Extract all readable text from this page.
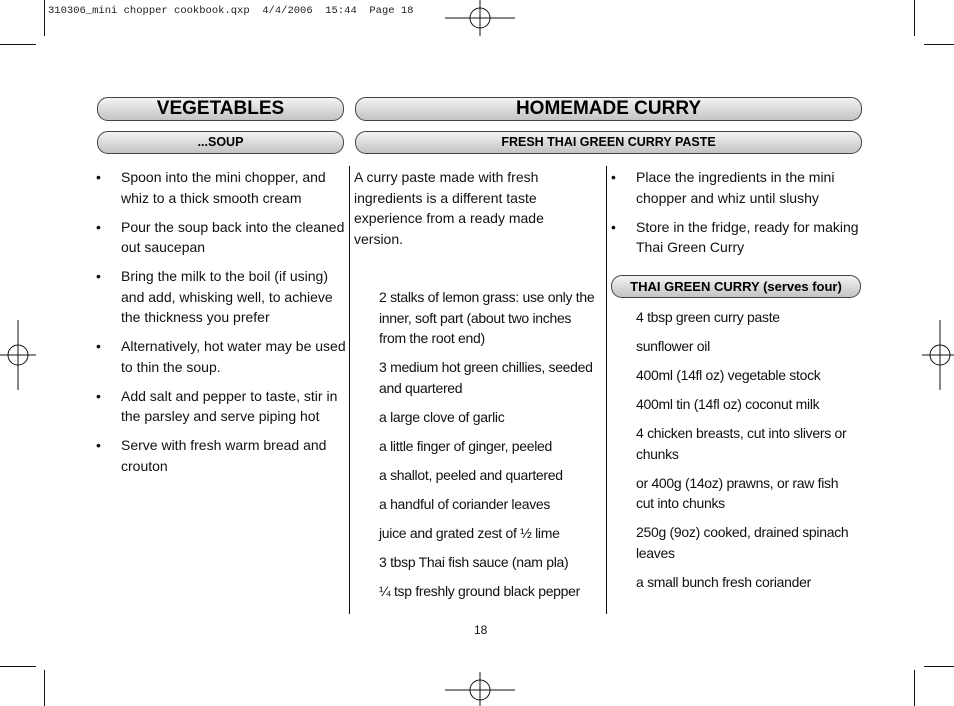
310306_mini chopper cookbook.qxp  4/4/2006  15:44  Page 18
VEGETABLES	HOMEMADE CURRY
...SOUP	FRESH THAI GREEN CURRY PASTE
• Spoon into the mini chopper, and whiz to a thick smooth cream
• Pour the soup back into the cleaned out saucepan
• Bring the milk to the boil (if using) and add, whisking well, to achieve the thickness you prefer
• Alternatively, hot water may be used to thin the soup.
• Add salt and pepper to taste, stir in the parsley and serve piping hot
• Serve with fresh warm bread and crouton
A curry paste made with fresh ingredients is a different taste experience from a ready made version.
2 stalks of lemon grass: use only the inner, soft part (about two inches from the root end)
3 medium hot green chillies, seeded and quartered
a large clove of garlic
a little finger of ginger, peeled
a shallot, peeled and quartered
a handful of coriander leaves
juice and grated zest of ½ lime
3 tbsp Thai fish sauce (nam pla)
¼ tsp freshly ground black pepper
• Place the ingredients in the mini chopper and whiz until slushy
• Store in the fridge, ready for making Thai Green Curry
THAI GREEN CURRY (serves four)
4 tbsp green curry paste
sunflower oil
400ml (14fl oz) vegetable stock
400ml tin (14fl oz) coconut milk
4 chicken breasts, cut into slivers or chunks
or 400g (14oz) prawns, or raw fish cut into chunks
250g (9oz) cooked, drained spinach leaves
a small bunch fresh coriander
18
